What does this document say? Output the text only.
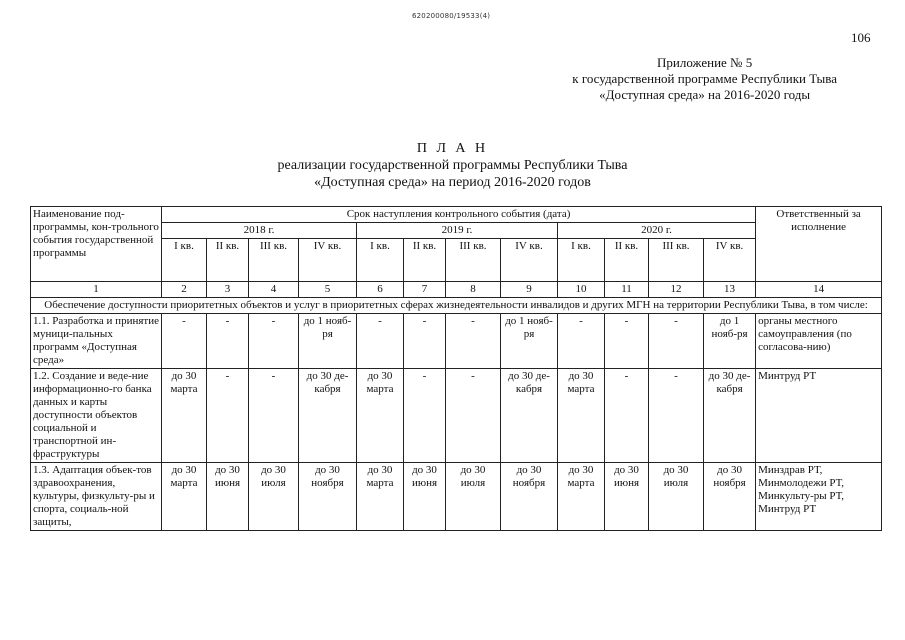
620200080/19533(4)
106
Приложение № 5
к государственной программе Республики Тыва
«Доступная среда» на 2016-2020 годы
П Л А Н
реализации государственной программы Республики Тыва
«Доступная среда» на период 2016-2020 годов
Наименование под-программы, кон-трольного события государственной программы	Срок наступления контрольного события (дата)												Ответственный за исполнение
	2018 г.				2019 г.				2020 г.				
	I кв.	II кв.	III кв.	IV кв.	I кв.	II кв.	III кв.	IV кв.	I кв.	II кв.	III кв.	IV кв.	
1	2	3	4	5	6	7	8	9	10	11	12	13	14
Обеспечение доступности приоритетных объектов и услуг в приоритетных сферах жизнедеятельности инвалидов и других МГН на территории Республики Тыва, в том числе:													
1.1. Разработка и принятие муници-пальных программ «Доступная среда»	-	-	-	до 1 нояб-ря	-	-	-	до 1 нояб-ря	-	-	-	до 1 нояб-ря	органы местного самоуправления (по согласова-нию)
1.2. Создание и веде-ние информационно-го банка данных и карты доступности объектов социальной и транспортной ин-фраструктуры	до 30 марта	-	-	до 30 де-кабря	до 30 марта	-	-	до 30 де-кабря	до 30 марта	-	-	до 30 де-кабря	Минтруд РТ
1.3. Адаптация объек-тов здравоохранения, культуры, физкульту-ры и спорта, социаль-ной защиты,	до 30 марта	до 30 июня	до 30 июля	до 30 ноября	до 30 марта	до 30 июня	до 30 июля	до 30 ноября	до 30 марта	до 30 июня	до 30 июля	до 30 ноября	Минздрав РТ, Минмолодежи РТ, Минкульту-ры РТ, Минтруд РТ
